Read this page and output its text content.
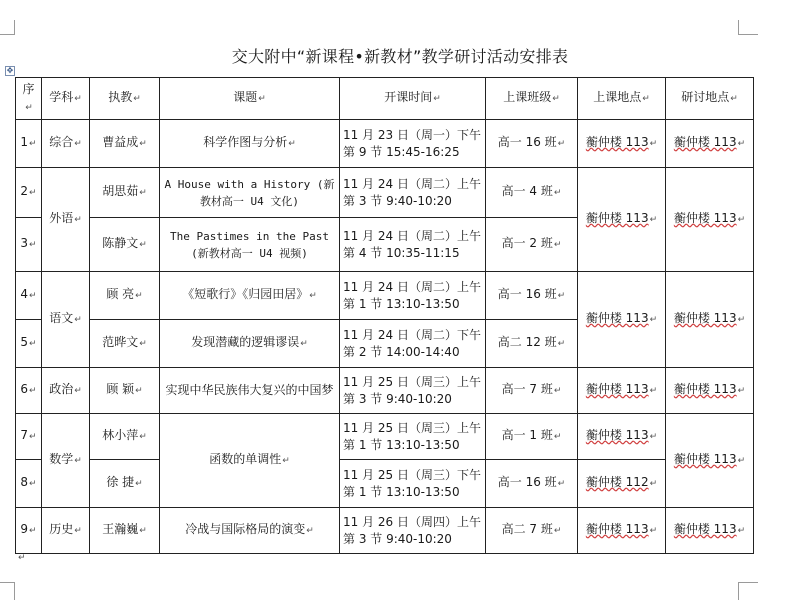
交大附中“新课程•新教材”教学研讨活动安排表
✥
序↵	学科↵	执教↵	课题↵	开课时间↵	上课班级↵	上课地点↵	研讨地点↵
1↵	综合↵	曹益成↵	科学作图与分析↵	11 月 23 日（周一）下午第 9 节 15:45-16:25	高一 16 班↵	蘅仲楼 113↵	蘅仲楼 113↵
2↵	外语↵	胡思茹↵	A House with a History (新教材高一 U4 文化)	11 月 24 日（周二）上午第 3 节 9:40-10:20	高一 4 班↵	蘅仲楼 113↵	蘅仲楼 113↵
3↵		陈静文↵	The Pastimes in the Past (新教材高一 U4 视频)	11 月 24 日（周二）上午第 4 节 10:35-11:15	高一 2 班↵		
4↵	语文↵	顾 亮↵	《短歌行》《归园田居》↵	11 月 24 日（周二）上午第 1 节 13:10-13:50	高一 16 班↵	蘅仲楼 113↵	蘅仲楼 113↵
5↵		范晔文↵	发现潜藏的逻辑谬误↵	11 月 24 日（周二）下午第 2 节 14:00-14:40	高二 12 班↵		
6↵	政治↵	顾 颖↵	实现中华民族伟大复兴的中国梦	11 月 25 日（周三）上午第 3 节 9:40-10:20	高一 7 班↵	蘅仲楼 113↵	蘅仲楼 113↵
7↵	数学↵	林小萍↵	函数的单调性↵	11 月 25 日（周三）上午第 1 节 13:10-13:50	高一 1 班↵	蘅仲楼 113↵	蘅仲楼 113↵
8↵		徐 捷↵		11 月 25 日（周三）下午第 1 节 13:10-13:50	高一 16 班↵	蘅仲楼 112↵	
9↵	历史↵	王瀚巍↵	冷战与国际格局的演变↵	11 月 26 日（周四）上午第 3 节 9:40-10:20	高二 7 班↵	蘅仲楼 113↵	蘅仲楼 113↵
↵
